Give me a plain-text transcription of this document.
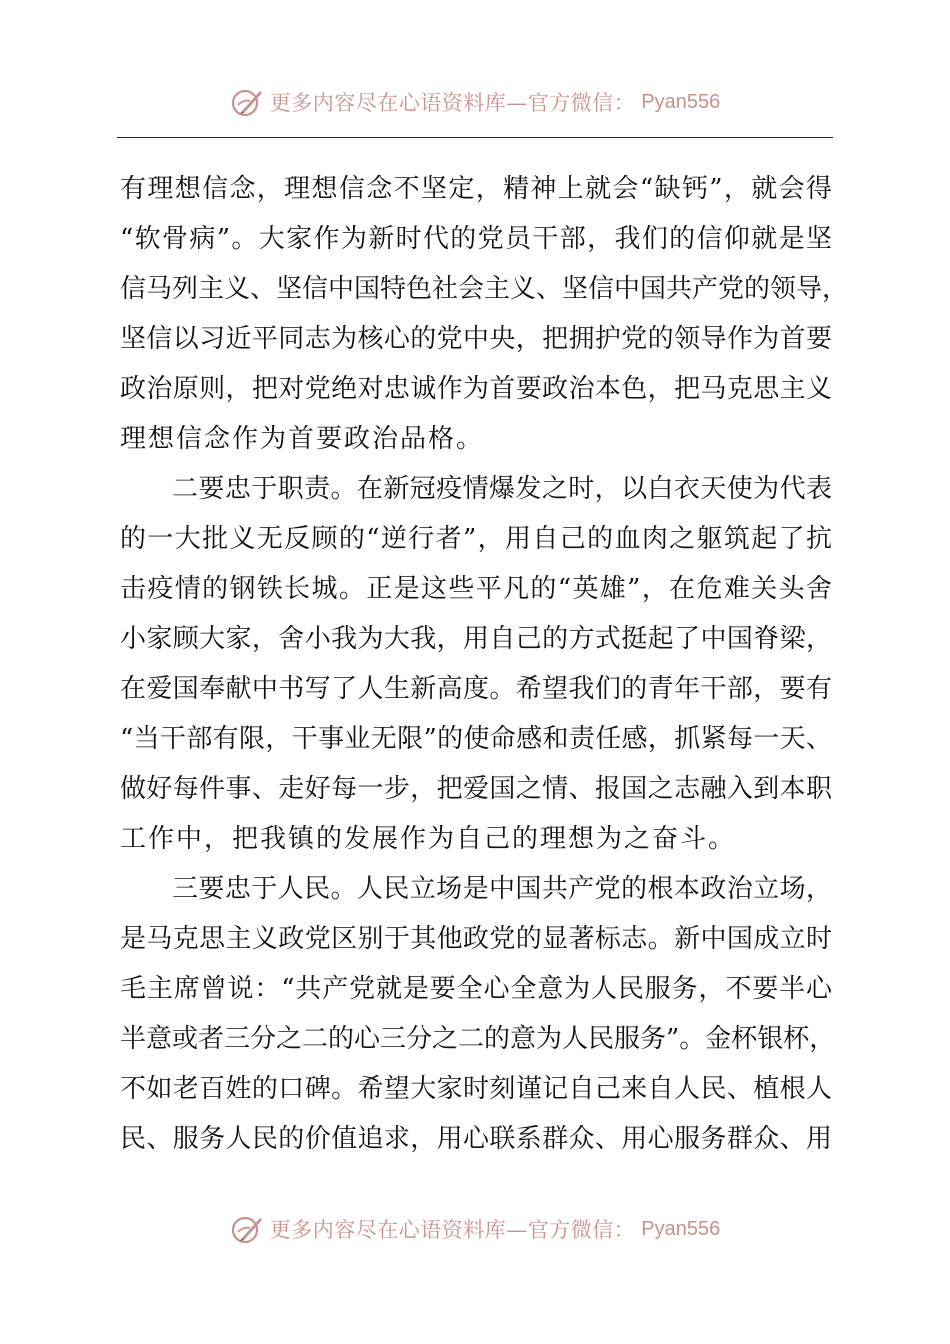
更多内容尽在心语资料库—官方微信： Pyan556
有理想信念，理想信念不坚定，精神上就会“缺钙”，就会得
“软骨病”。大家作为新时代的党员干部，我们的信仰就是坚
信马列主义、坚信中国特色社会主义、坚信中国共产党的领导，
坚信以习近平同志为核心的党中央，把拥护党的领导作为首要
政治原则，把对党绝对忠诚作为首要政治本色，把马克思主义
理想信念作为首要政治品格。
二要忠于职责。在新冠疫情爆发之时，以白衣天使为代表
的一大批义无反顾的“逆行者”，用自己的血肉之躯筑起了抗
击疫情的钢铁长城。正是这些平凡的“英雄”，在危难关头舍
小家顾大家，舍小我为大我，用自己的方式挺起了中国脊梁，
在爱国奉献中书写了人生新高度。希望我们的青年干部，要有
“当干部有限，干事业无限”的使命感和责任感，抓紧每一天、
做好每件事、走好每一步，把爱国之情、报国之志融入到本职
工作中，把我镇的发展作为自己的理想为之奋斗。
三要忠于人民。人民立场是中国共产党的根本政治立场，
是马克思主义政党区别于其他政党的显著标志。新中国成立时
毛主席曾说：“共产党就是要全心全意为人民服务，不要半心
半意或者三分之二的心三分之二的意为人民服务”。金杯银杯，
不如老百姓的口碑。希望大家时刻谨记自己来自人民、植根人
民、服务人民的价值追求，用心联系群众、用心服务群众、用
更多内容尽在心语资料库—官方微信： Pyan556
